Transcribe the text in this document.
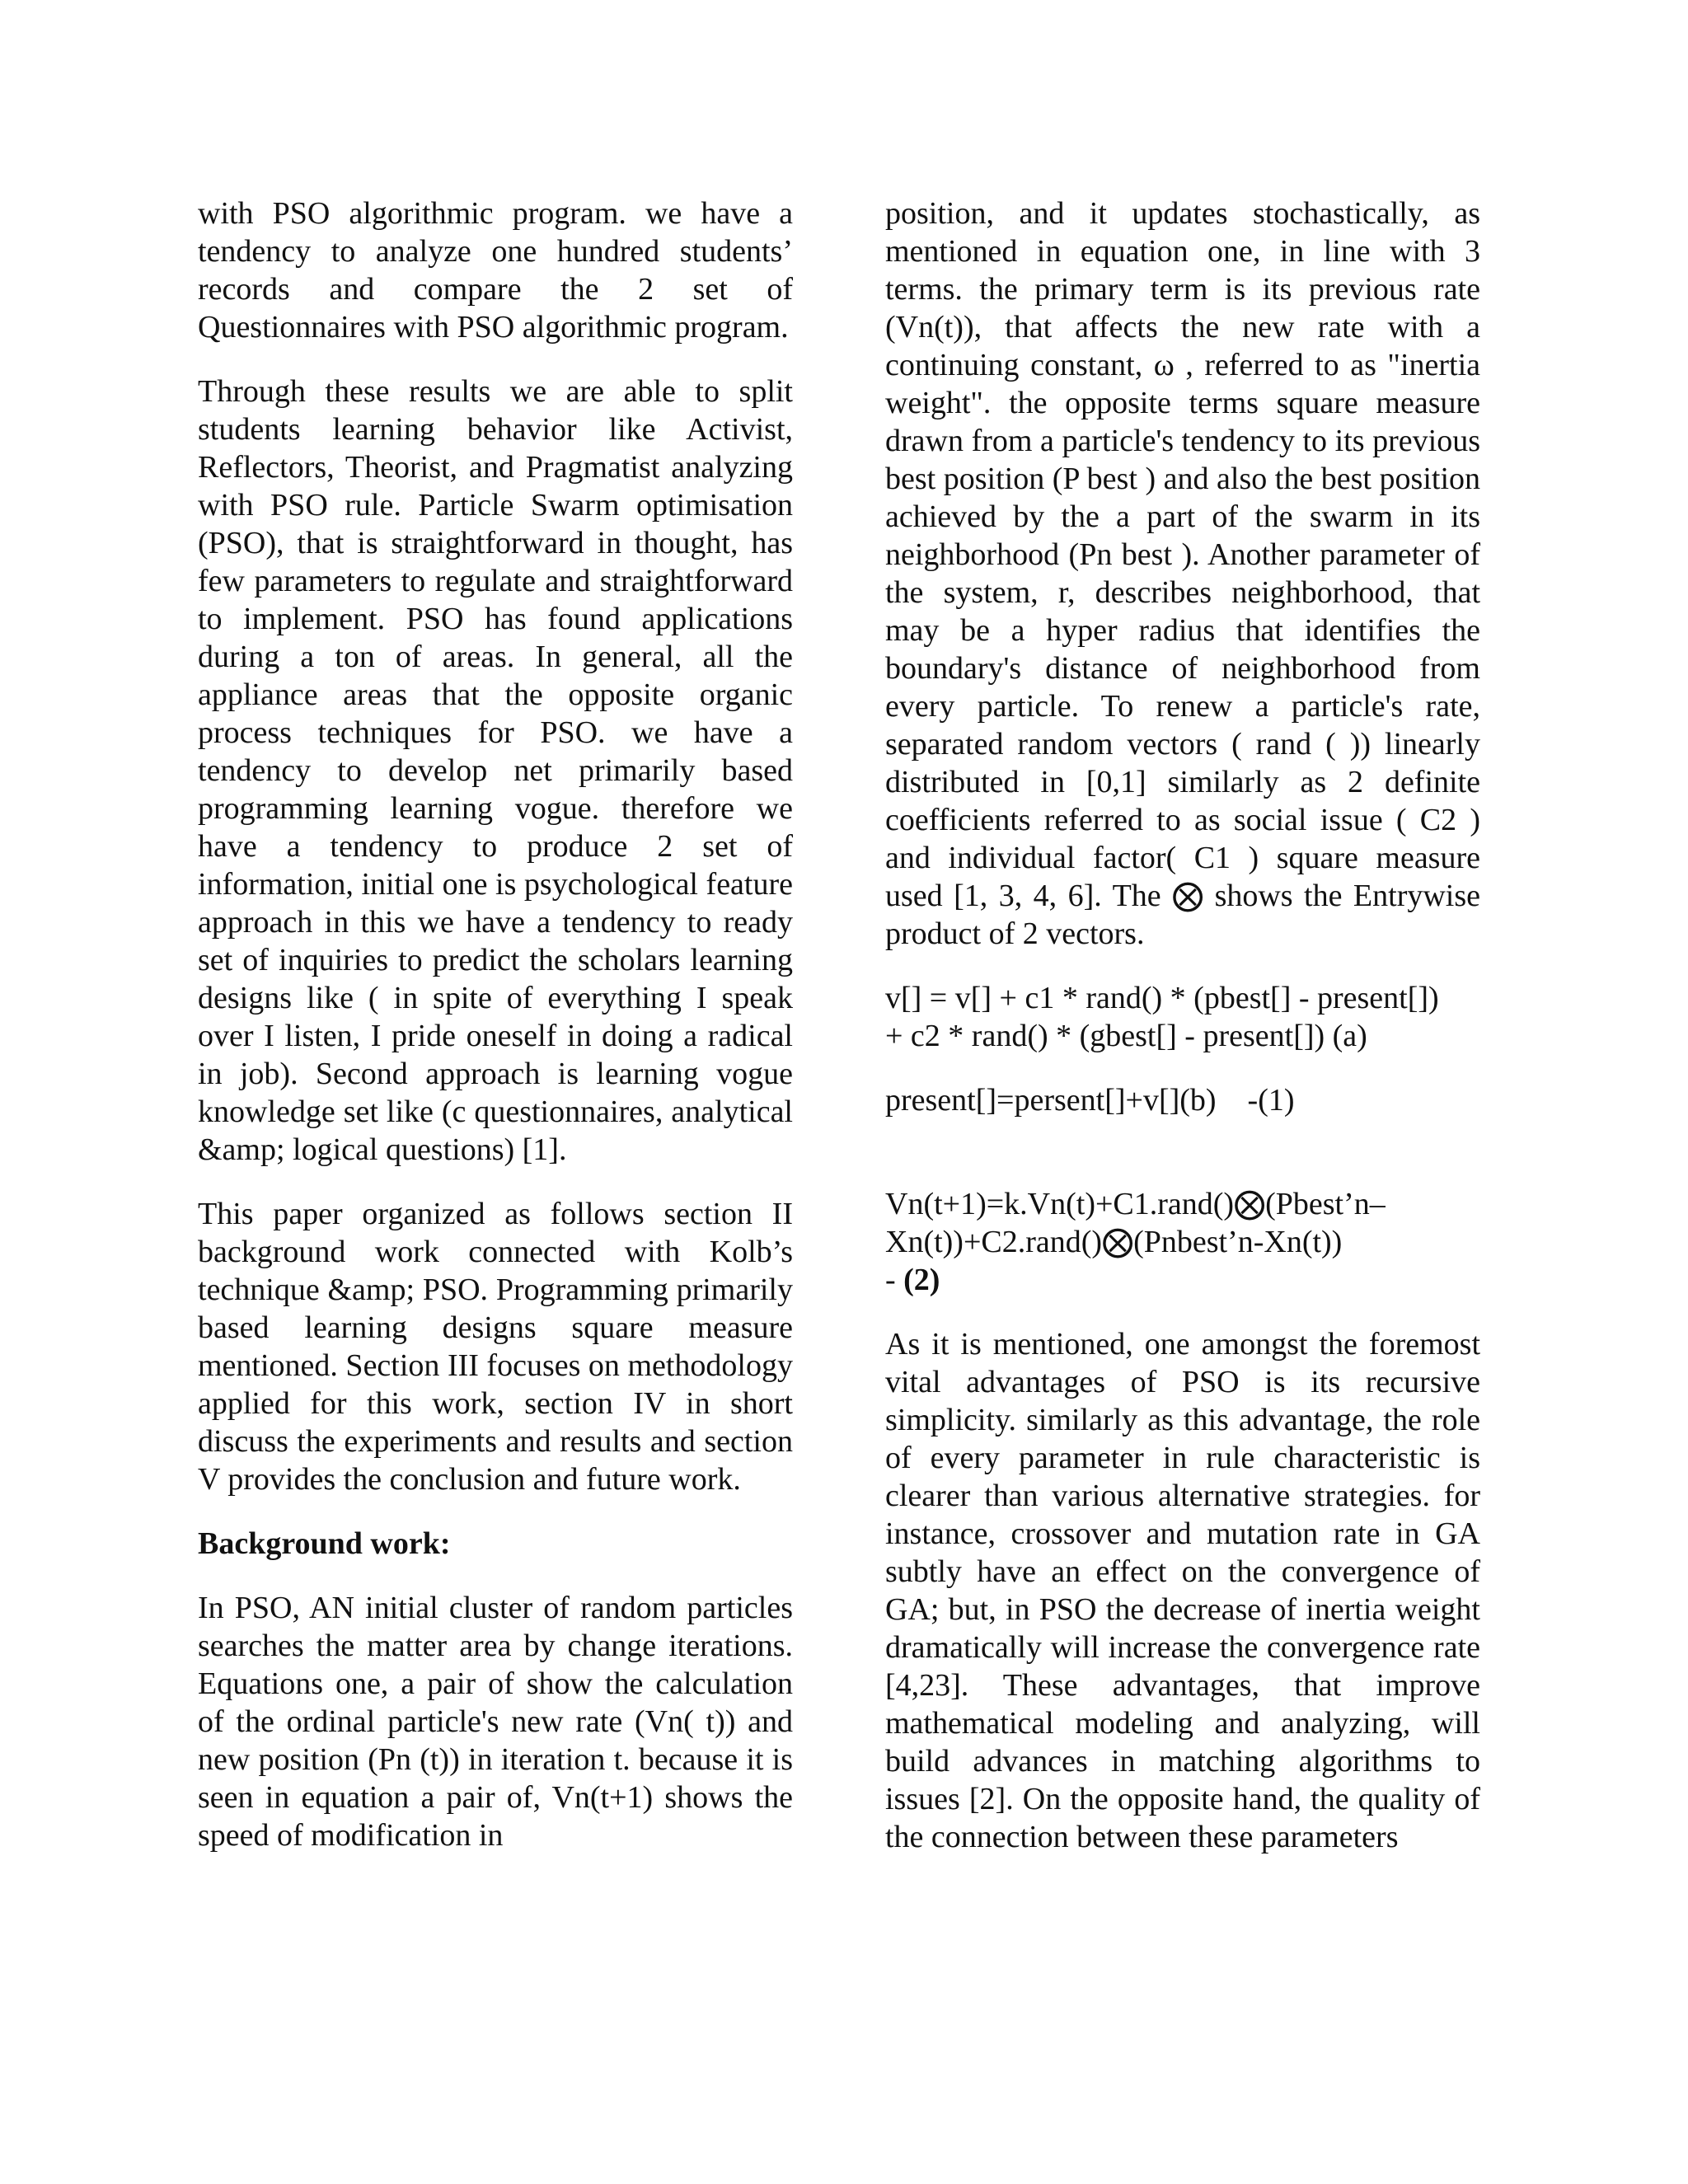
with PSO algorithmic program. we have a tendency to analyze one hundred students’ records and compare the 2 set of Questionnaires with PSO algorithmic program.

Through these results we are able to split students learning behavior like Activist, Reflectors, Theorist, and Pragmatist analyzing with PSO rule. Particle Swarm optimisation (PSO), that is straightforward in thought, has few parameters to regulate and straightforward to implement. PSO has found applications during a ton of areas. In general, all the appliance areas that the opposite organic process techniques for PSO. we have a tendency to develop net primarily based programming learning vogue. therefore we have a tendency to produce 2 set of information, initial one is psychological feature approach in this we have a tendency to ready set of inquiries to predict the scholars learning designs like ( in spite of everything I speak over I listen, I pride oneself in doing a radical in job). Second approach is learning vogue knowledge set like (c questionnaires, analytical &amp; logical questions) [1].

This paper organized as follows section II background work connected with Kolb’s technique &amp; PSO. Programming primarily based learning designs square measure mentioned. Section III focuses on methodology applied for this work, section IV in short discuss the experiments and results and section V provides the conclusion and future work.

Background work:

In PSO, AN initial cluster of random particles searches the matter area by change iterations. Equations one, a pair of show the calculation of the ordinal particle's new rate (Vn( t)) and new position (Pn (t)) in iteration t. because it is seen in equation a pair of, Vn(t+1) shows the speed of modification in

position, and it updates stochastically, as mentioned in equation one, in line with 3 terms. the primary term is its previous rate (Vn(t)), that affects the new rate with a continuing constant, ω , referred to as "inertia weight". the opposite terms square measure drawn from a particle's tendency to its previous best position (P best ) and also the best position achieved by the a part of the swarm in its neighborhood (Pn best ). Another parameter of the system, r, describes neighborhood, that may be a hyper radius that identifies the boundary's distance of neighborhood from every particle. To renew a particle's rate, separated random vectors ( rand ( )) linearly distributed in [0,1] similarly as 2 definite coefficients referred to as social issue ( C2 ) and individual factor( C1 ) square measure used [1, 3, 4, 6]. The ⨂ shows the Entrywise product of 2 vectors.

v[] = v[] + c1 * rand() * (pbest[] - present[])
+ c2 * rand() * (gbest[] - present[]) (a)
present[]=persent[]+v[](b)    -(1)
Vn(t+1)=k.Vn(t)+C1.rand()⨂(Pbest’n–
Xn(t))+C2.rand()⨂(Pnbest’n-Xn(t))
- (2)

As it is mentioned, one amongst the foremost vital advantages of PSO is its recursive simplicity. similarly as this advantage, the role of every parameter in rule characteristic is clearer than various alternative strategies. for instance, crossover and mutation rate in GA subtly have an effect on the convergence of GA; but, in PSO the decrease of inertia weight dramatically will increase the convergence rate [4,23]. These advantages, that improve mathematical modeling and analyzing, will build advances in matching algorithms to issues [2]. On the opposite hand, the quality of the connection between these parameters
